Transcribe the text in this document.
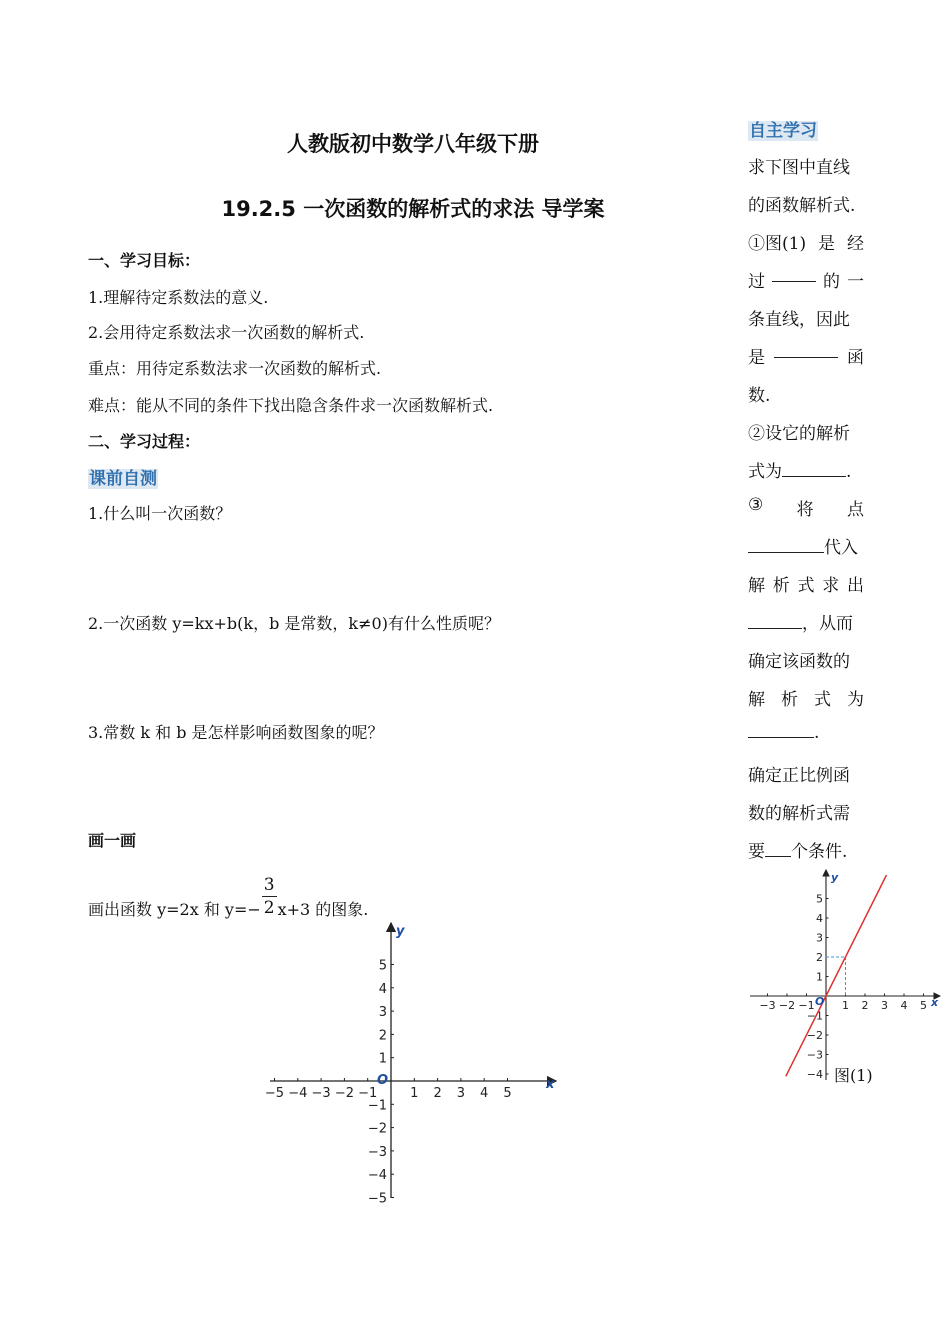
人教版初中数学八年级下册
19.2.5 一次函数的解析式的求法 导学案
一、学习目标：
1.理解待定系数法的意义.
2.会用待定系数法求一次函数的解析式.
重点：用待定系数法求一次函数的解析式.
难点：能从不同的条件下找出隐含条件求一次函数解析式.
二、学习过程：
课前自测
1.什么叫一次函数？
2.一次函数 y=kx+b(k，b 是常数，k≠0)有什么性质呢？
3.常数 k 和 b 是怎样影响函数图象的呢？
画一画
画出函数 y=2x 和 $y=- \frac{3}{2} x+3$ 的图象.
−5 −4 −3 −2 −1	1 2 3 4 5
5
4
3
2
1
−1
−2
−3
−4
−5
x
y
O
自主学习
求下图中直线
的函数解析式.
①图(1) 是 经
过	的 一
条直线，因此
是	函
数.
②设它的解析
式为	.
③ 将 点
代入
解 析 式 求 出
，从而
确定该函数的
解 析 式 为
.
确定正比例函
数的解析式需
要 个条件.
−3 −2 −1 1 2 3 4 5
5
4
3
2
1
−1
−2
−3
−4
x
y
O
图(1)
